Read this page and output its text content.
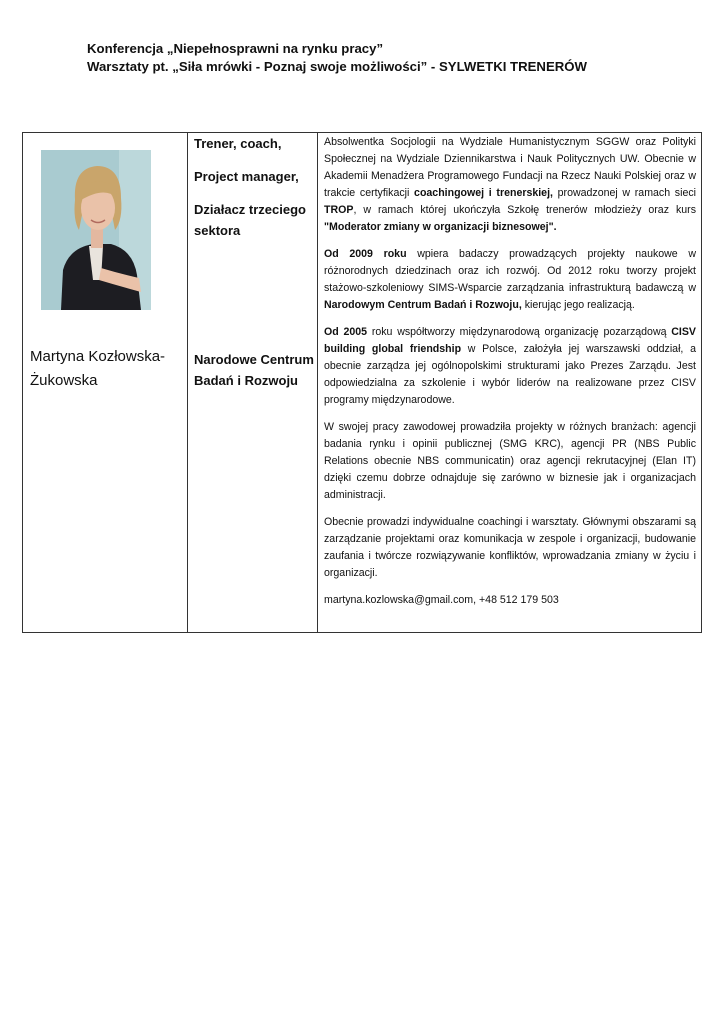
Konferencja „Niepełnosprawni na rynku pracy”
Warsztaty pt. „Siła mrówki - Poznaj swoje możliwości” - SYLWETKI TRENERÓW
Martyna Kozłowska-
Żukowska
Trener, coach,
Project manager,
Działacz trzeciego sektora
Narodowe Centrum Badań i Rozwoju

Absolwentka Socjologii na Wydziale Humanistycznym SGGW oraz Polityki Społecznej na Wydziale Dziennikarstwa i Nauk Politycznych UW. Obecnie w Akademii Menadżera Programowego Fundacji na Rzecz Nauki Polskiej oraz w trakcie certyfikacji coachingowej i trenerskiej, prowadzonej w ramach sieci TROP, w ramach której ukończyła Szkołę trenerów młodzieży oraz kurs "Moderator zmiany w organizacji biznesowej".

Od 2009 roku wpiera badaczy prowadzących projekty naukowe w różnorodnych dziedzinach oraz ich rozwój. Od 2012 roku tworzy projekt stażowo-szkoleniowy SIMS-Wsparcie zarządzania infrastrukturą badawczą w Narodowym Centrum Badań i Rozwoju, kierując jego realizacją.

Od 2005 roku współtworzy międzynarodową organizację pozarządową CISV building global friendship w Polsce, założyła jej warszawski oddział, a obecnie zarządza jej ogólnopolskimi strukturami jako Prezes Zarządu. Jest odpowiedzialna za szkolenie i wybór liderów na realizowane przez CISV programy międzynarodowe.

W swojej pracy zawodowej prowadziła projekty w różnych branżach: agencji badania rynku i opinii publicznej (SMG KRC), agencji PR (NBS Public Relations obecnie NBS communicatin) oraz agencji rekrutacyjnej (Elan IT) dzięki czemu dobrze odnajduje się zarówno w biznesie jak i organizacjach administracji.

Obecnie prowadzi indywidualne coachingi i warsztaty. Głównymi obszarami są zarządzanie projektami oraz komunikacja w zespole i organizacji, budowanie zaufania i twórcze rozwiązywanie konfliktów, wprowadzania zmiany w życiu i organizacji.

martyna.kozlowska@gmail.com, +48 512 179 503
